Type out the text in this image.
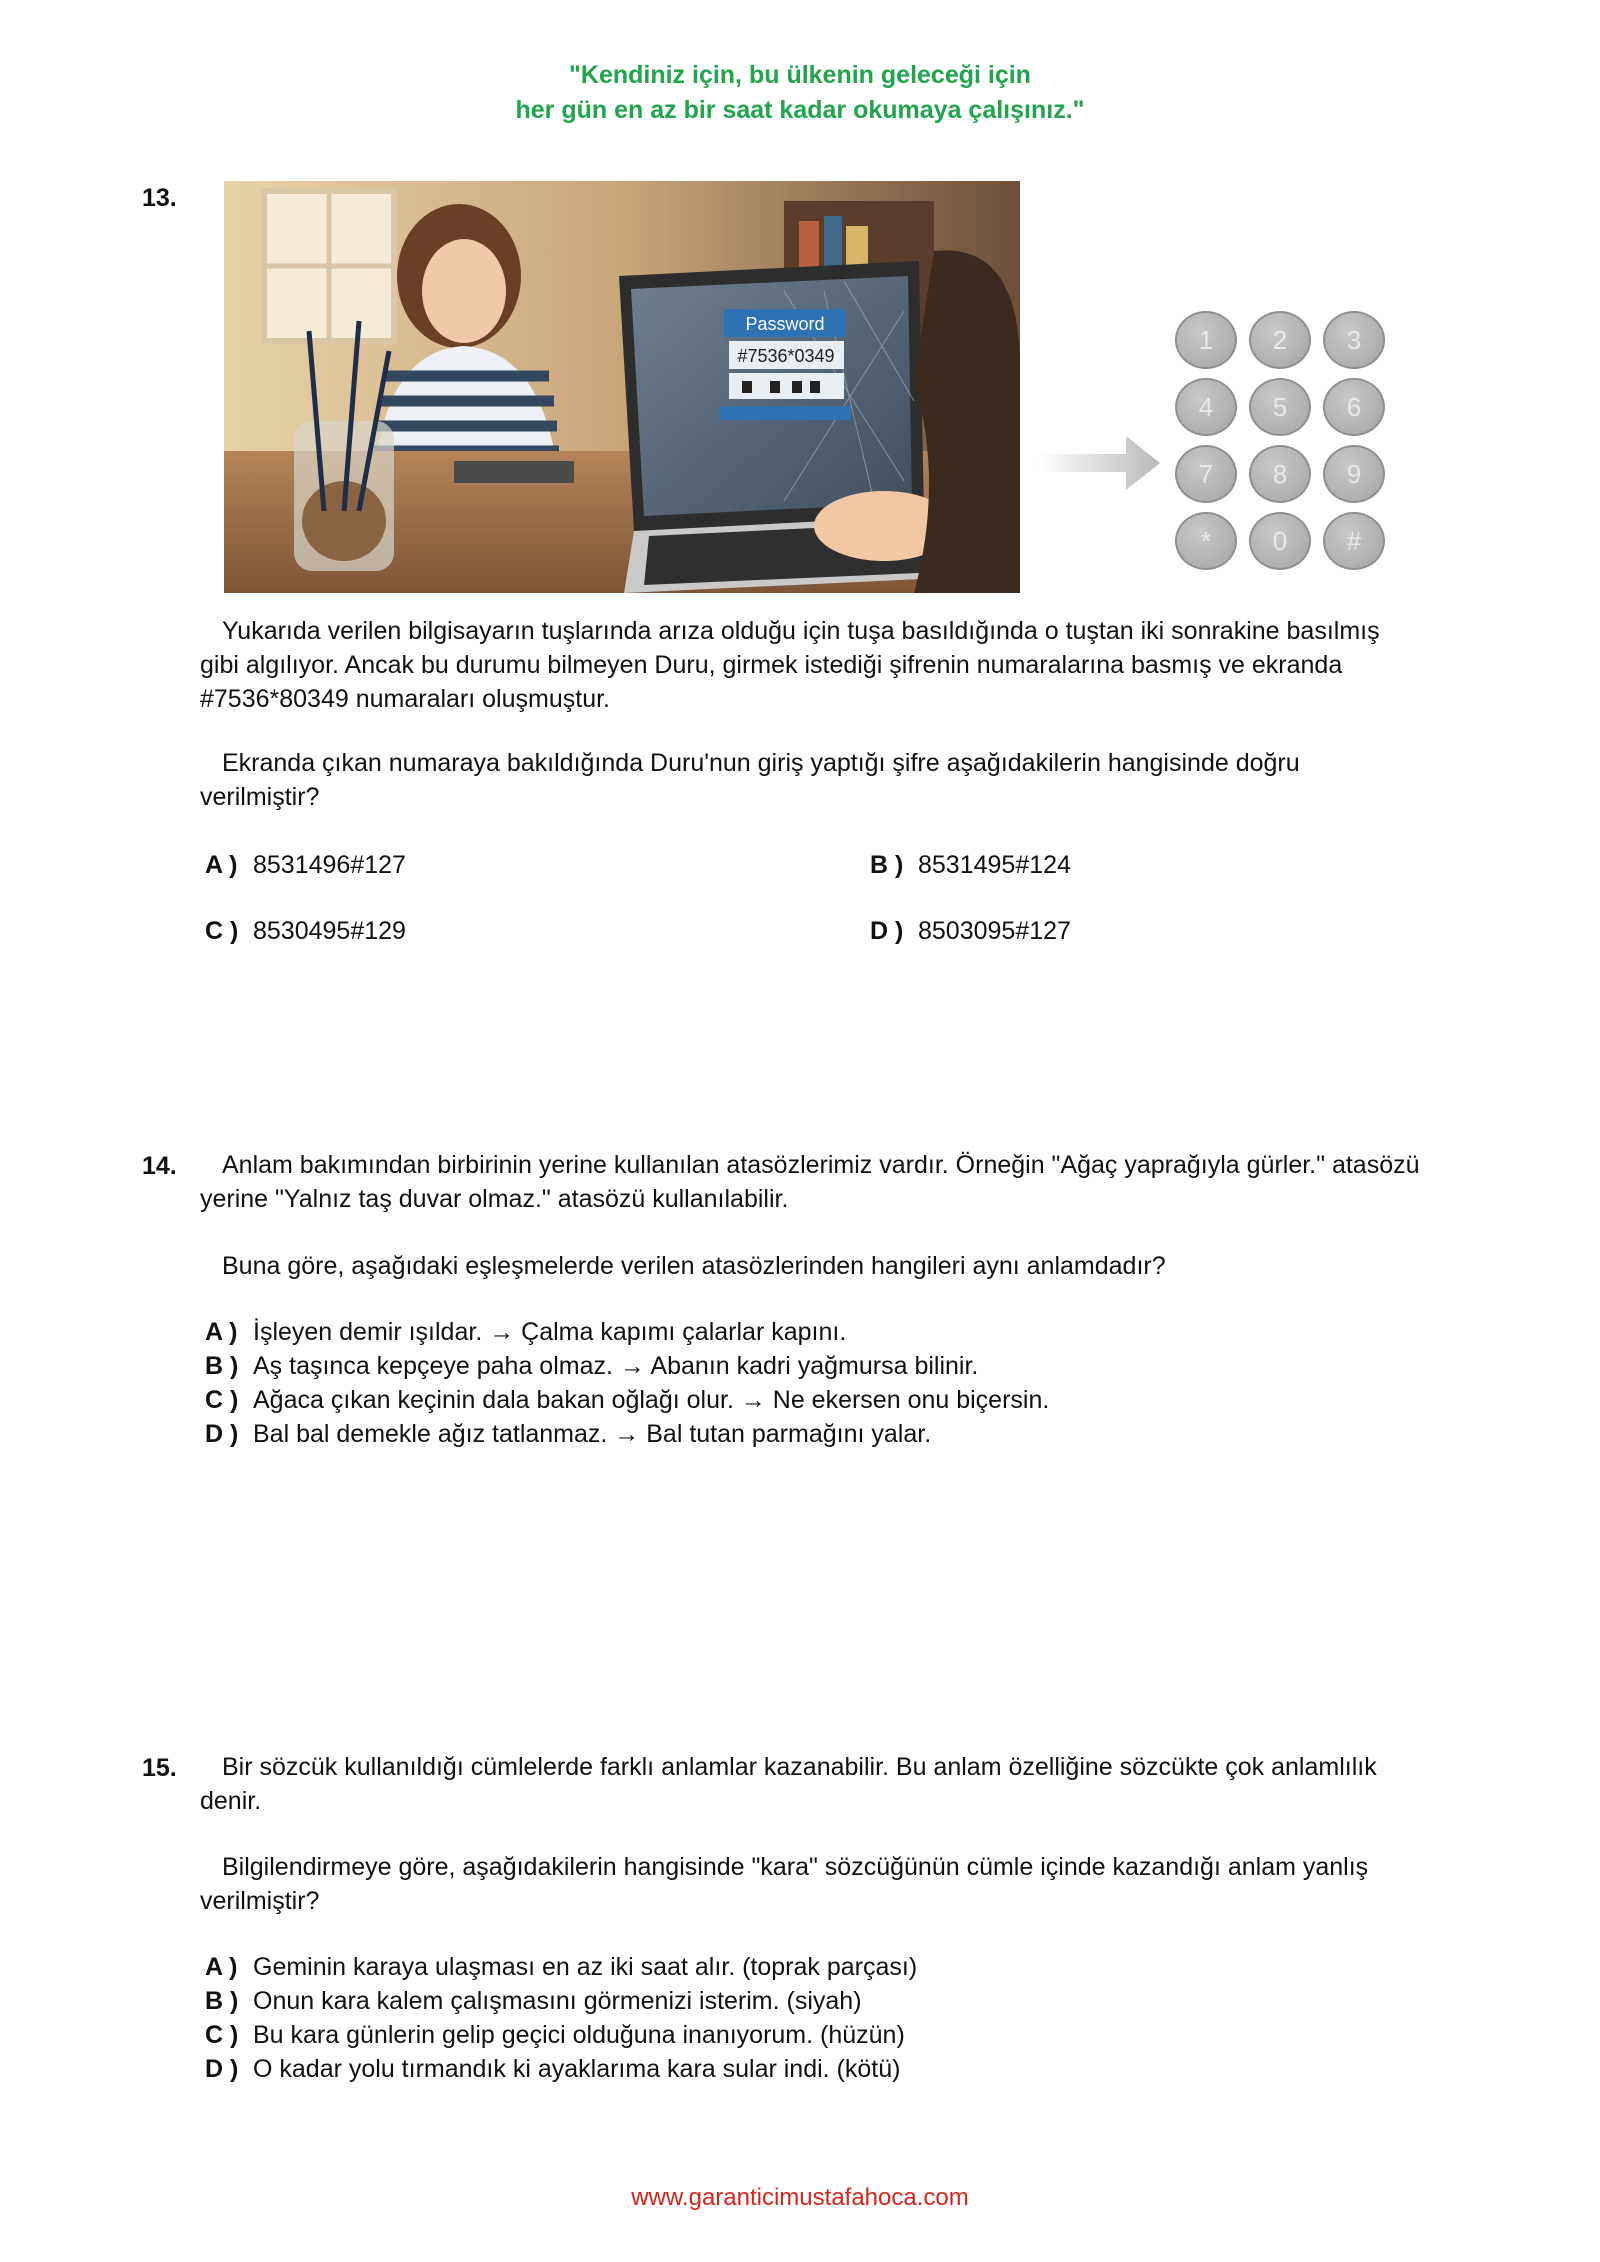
"Kendiniz için, bu ülkenin geleceği için
her gün en az bir saat kadar okumaya çalışınız."
13.
Password
#7536*0349
1	2	3
4	5	6
7	8	9
*	0	#
Yukarıda verilen bilgisayarın tuşlarında arıza olduğu için tuşa basıldığında o tuştan iki sonrakine basılmış gibi algılıyor. Ancak bu durumu bilmeyen Duru, girmek istediği şifrenin numaralarına basmış ve ekranda #7536*80349 numaraları oluşmuştur.
Ekranda çıkan numaraya bakıldığında Duru'nun giriş yaptığı şifre aşağıdakilerin hangisinde doğru verilmiştir?
A ) 8531496#127	B ) 8531495#124
C ) 8530495#129	D ) 8503095#127
14.	Anlam bakımından birbirinin yerine kullanılan atasözlerimiz vardır. Örneğin "Ağaç yaprağıyla gürler." atasözü yerine "Yalnız taş duvar olmaz." atasözü kullanılabilir.
Buna göre, aşağıdaki eşleşmelerde verilen atasözlerinden hangileri aynı anlamdadır?
A ) İşleyen demir ışıldar. → Çalma kapımı çalarlar kapını.
B ) Aş taşınca kepçeye paha olmaz. → Abanın kadri yağmursa bilinir.
C ) Ağaca çıkan keçinin dala bakan oğlağı olur. → Ne ekersen onu biçersin.
D ) Bal bal demekle ağız tatlanmaz. → Bal tutan parmağını yalar.
15.	Bir sözcük kullanıldığı cümlelerde farklı anlamlar kazanabilir. Bu anlam özelliğine sözcükte çok anlamlılık denir.
Bilgilendirmeye göre, aşağıdakilerin hangisinde "kara" sözcüğünün cümle içinde kazandığı anlam yanlış verilmiştir?
A ) Geminin karaya ulaşması en az iki saat alır. (toprak parçası)
B ) Onun kara kalem çalışmasını görmenizi isterim. (siyah)
C ) Bu kara günlerin gelip geçici olduğuna inanıyorum. (hüzün)
D ) O kadar yolu tırmandık ki ayaklarıma kara sular indi. (kötü)
www.garanticimustafahoca.com
